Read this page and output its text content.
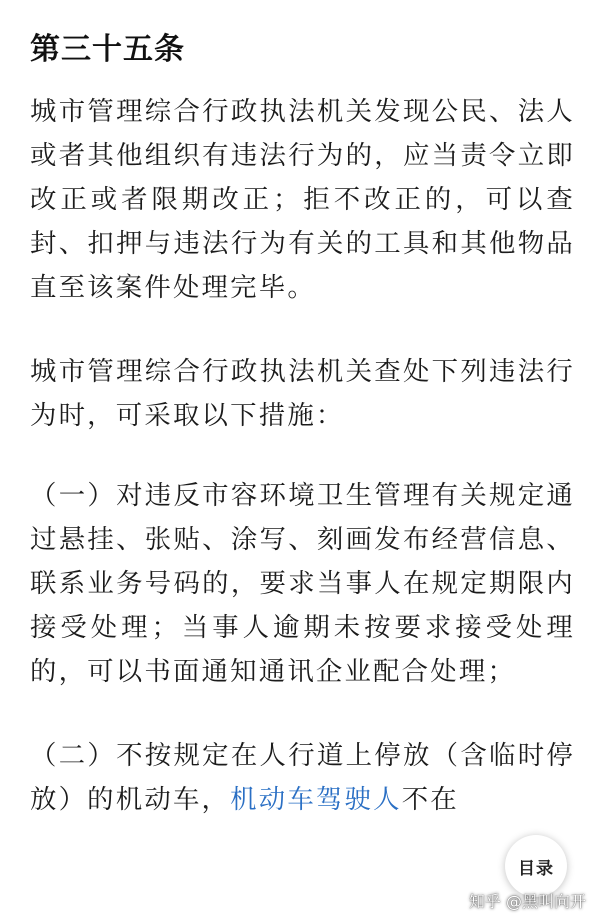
第三十五条

城市管理综合行政执法机关发现公民、法人或者其他组织有违法行为的，应当责令立即改正或者限期改正；拒不改正的，可以查封、扣押与违法行为有关的工具和其他物品直至该案件处理完毕。

城市管理综合行政执法机关查处下列违法行为时，可采取以下措施：

（一）对违反市容环境卫生管理有关规定通过悬挂、张贴、涂写、刻画发布经营信息、联系业务号码的，要求当事人在规定期限内接受处理；当事人逾期未按要求接受处理的，可以书面通知通讯企业配合处理；

（二）不按规定在人行道上停放（含临时停放）的机动车，机动车驾驶人不在

目录
知乎 @黑叫向开
